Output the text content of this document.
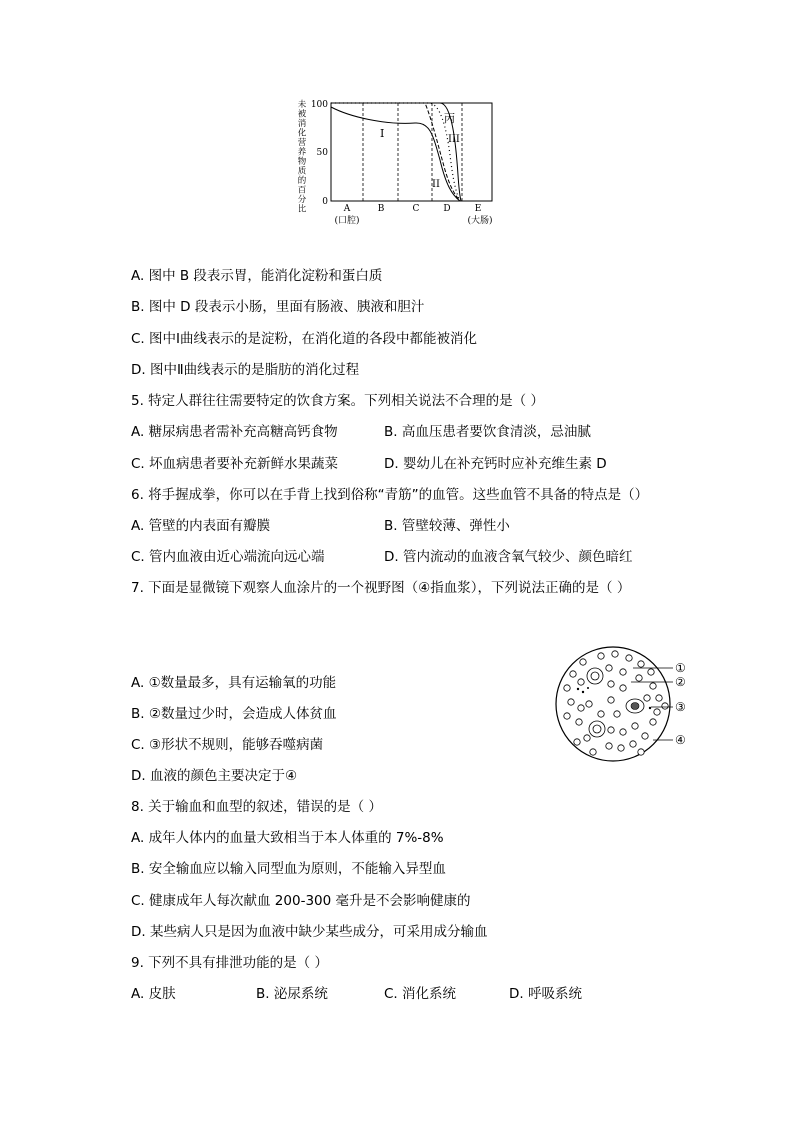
未被消化营养物质的百分比
100
50
0
I
丙
III
II
A	B	C	D	E
(口腔)	(大肠)
A. 图中 B 段表示胃，能消化淀粉和蛋白质
B. 图中 D 段表示小肠，里面有肠液、胰液和胆汁
C. 图中Ⅰ曲线表示的是淀粉，在消化道的各段中都能被消化
D. 图中Ⅱ曲线表示的是脂肪的消化过程
5. 特定人群往往需要特定的饮食方案。下列相关说法不合理的是（ ）
A. 糖尿病患者需补充高糖高钙食物	B. 高血压患者要饮食清淡，忌油腻
C. 坏血病患者要补充新鲜水果蔬菜	D. 婴幼儿在补充钙时应补充维生素 D
6. 将手握成拳，你可以在手背上找到俗称“青筋”的血管。这些血管不具备的特点是（）
A. 管壁的内表面有瓣膜	B. 管壁较薄、弹性小
C. 管内血液由近心端流向远心端	D. 管内流动的血液含氧气较少、颜色暗红
7. 下面是显微镜下观察人血涂片的一个视野图（④指血浆），下列说法正确的是（ ）
A. ①数量最多，具有运输氧的功能
B. ②数量过少时，会造成人体贫血
C. ③形状不规则，能够吞噬病菌
D. 血液的颜色主要决定于④
①
②
③
④
8. 关于输血和血型的叙述，错误的是（ ）
A. 成年人体内的血量大致相当于本人体重的 7%-8%
B. 安全输血应以输入同型血为原则，不能输入异型血
C. 健康成年人每次献血 200-300 毫升是不会影响健康的
D. 某些病人只是因为血液中缺少某些成分，可采用成分输血
9. 下列不具有排泄功能的是（ ）
A. 皮肤	B. 泌尿系统	C. 消化系统	D. 呼吸系统
